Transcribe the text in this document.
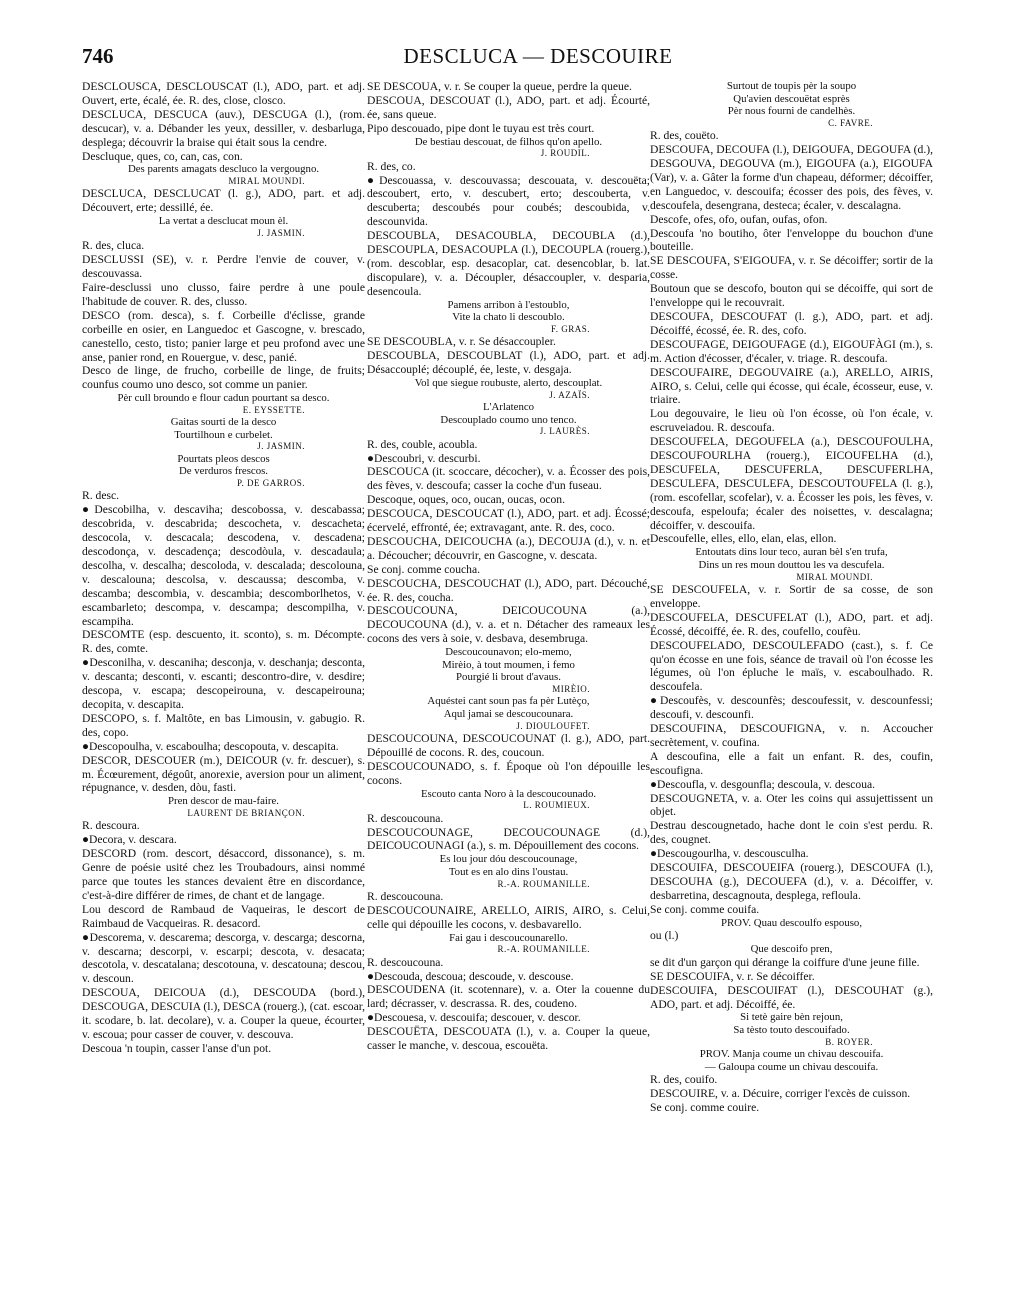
746	DESCLUCA — DESCOUIRE

DESCLOUSCA, DESCLOUSCAT (l.), ADO, part. et adj. Ouvert, erte, écalé, ée. R. des, close, closco.

DESCLUCA, DESCUCA (auv.), DESCUGA (l.), (rom. descucar), v. a. Débander les yeux, dessiller, v. desbarluga, desplega; découvrir la braise qui était sous la cendre.

Descluque, ques, co, can, cas, con.

Des parents amagats descluco la vergougno.

MIRAL MOUNDI.

DESCLUCA, DESCLUCAT (l. g.), ADO, part. et adj. Découvert, erte; dessillé, ée.

La vertat a desclucat moun èl.

J. JASMIN.

R. des, cluca.

DESCLUSSI (SE), v. r. Perdre l'envie de couver, v. descouvassa.

Faire-descl​ussi uno clusso, faire perdre à une poule l'habitude de couver. R. des, clusso.

DESCO (rom. desca), s. f. Corbeille d'éclisse, grande corbeille en osier, en Languedoc et Gascogne, v. brescado, canestello, cesto, tisto; panier large et peu profond avec une anse, panier rond, en Rouergue, v. desc, panié.

Desco de linge, de frucho, corbeille de linge, de fruits; counfus coumo uno desco, sot comme un panier.

Pèr cull broundo e flour cadun pourtant sa desco.

E. EYSSETTE.

Gaitas sourti de la desco

Tourtilhoun e curbelet.

J. JASMIN.

Pourtats pleos descos

De verduros frescos.

P. DE GARROS.

R. desc.

●Descobilha, v. descaviha; descobossa, v. descabassa; descobrida, v. descabrida; descocheta, v. descacheta; descocola, v. descacala; descodena, v. descadena; descodonça, v. descadença; descodòula, v. descadaula; descolha, v. descalha; descoloda, v. descalada; descolouna, v. descalouna; descolsa, v. descaussa; descomba, v. descamba; descombia, v. descambia; descomborlhetos, v. escambarleto; descompa, v. descampa; descompilha, v. escampiha.

DESCOMTE (esp. descuento, it. sconto), s. m. Décompte. R. des, comte.

●Desconilha, v. descaniha; desconja, v. deschanja; desconta, v. descanta; desconti, v. escanti; descontro-dire, v. desdire; descopa, v. escapa; descopeirouna, v. descapeirouna; decopita, v. descapita.

DESCOPO, s. f. Maltôte, en bas Limousin, v. gabugio. R. des, copo.

●Descopoulha, v. escaboulha; descopouta, v. descapita.

DESCOR, DESCOUER (m.), DEICOUR (v. fr. descuer), s. m. Écœurement, dégoût, anorexie, aversion pour un aliment, répugnance, v. desden, dòu, fasti.

Pren descor de mau-faire.

LAURENT DE BRIANÇON.

R. descoura.

●Decora, v. descara.

DESCORD (rom. descort, désaccord, dissonance), s. m. Genre de poésie usité chez les Troubadours, ainsi nommé parce que toutes les stances devaient être en discordance, c'est-à-dire différer de rimes, de chant et de langage.

Lou descord de Rambaud de Vaqueiras, le descort de Raimbaud de Vacqueiras. R. desacord.

●Descorema, v. descarema; descorga, v. descarga; descorna, v. descarna; descorpi, v. escarpi; descota, v. desacata; descotola, v. descatalana; descotouna, v. descatouna; descou, v. descoun.

DESCOUA, DEICOUA (d.), DESCOUDA (bord.), DESCOUGA, DESCUIA (l.), DESCA (rouerg.), (cat. escoar, it. scodare, b. lat. decolare), v. a. Couper la queue, écourter, v. escoua; pour casser de couver, v. descouva.

Descoua 'n toupin, casser l'anse d'un pot.

SE DESCOUA, v. r. Se couper la queue, perdre la queue.

DESCOUA, DESCOUAT (l.), ADO, part. et adj. Écourté, ée, sans queue.

Pipo descouado, pipe dont le tuyau est très court.

De bestiau descouat, de filhos qu'on apello.

J. ROUDIL.

R. des, co.

●Descouassa, v. descouvassa; descouata, v. descouëta; descoubert, erto, v. descubert, erto; descouberta, v. descuberta; descoubés pour coubés; descoubida, v. descounvida.

DESCOUBLA, DESACOUBLA, DECOUBLA (d.), DESCOUPLA, DESACOUPLA (l.), DECOUPLA (rouerg.), (rom. descoblar, esp. desacoplar, cat. desencoblar, b. lat. discopulare), v. a. Découpler, désaccoupler, v. desparia, desencoula.

Pamens arribon à l'estoublo,

Vite la chato li descoublo.

F. GRAS.

SE DESCOUBLA, v. r. Se désaccoupler.

DESCOUBLA, DESCOUBLAT (l.), ADO, part. et adj. Désaccouplé; découplé, ée, leste, v. desgaja.

Vol que siegue roubuste, alerto, descouplat.

J. AZAÏS.

L'Arlatenco

Descouplado coumo uno tenco.

J. LAURÈS.

R. des, couble, acoubla.

●Descoubri, v. descurbi.

DESCOUCA (it. scoccare, décocher), v. a. Écosser des pois, des fèves, v. descoufa; casser la coche d'un fuseau.

Descoque, oques, oco, oucan, oucas, ocon.

DESCOUCA, DESCOUCAT (l.), ADO, part. et adj. Écossé; écervelé, effronté, ée; extravagant, ante. R. des, coco.

DESCOUCHA, DEICOUCHA (a.), DECOUJA (d.), v. n. et a. Découcher; découvrir, en Gascogne, v. descata.

Se conj. comme coucha.

DESCOUCHA, DESCOUCHAT (l.), ADO, part. Découché, ée. R. des, coucha.

DESCOUCOUNA, DEICOUCOUNA (a.), DECOUCOUNA (d.), v. a. et n. Détacher des rameaux les cocons des vers à soie, v. desbava, desembruga.

Descoucounavon; elo-memo,

Mirèio, à tout moumen, i femo

Pourgié li brout d'avaus.

MIRÈIO.

Aquéstei cant soun pas fa pèr Lutèço,

Aqul jamai se descoucounara.

J. DIOULOUFET.

DESCOUCOUNA, DESCOUCOUNAT (l. g.), ADO, part. Dépouillé de cocons. R. des, coucoun.

DESCOUCOUNADO, s. f. Époque où l'on dépouille les cocons.

Escouto canta Noro à la descoucounado.

L. ROUMIEUX.

R. descoucouna.

DESCOUCOUNAGE, DECOUCOUNAGE (d.), DEICOUCOUNAGI (a.), s. m. Dépouillement des cocons.

Es lou jour dóu descoucounage,

Tout es en alo dins l'oustau.

R.-A. ROUMANILLE.

R. descoucouna.

DESCOUCOUNAIRE, ARELLO, AIRIS, AIRO, s. Celui, celle qui dépouille les cocons, v. desbavarello.

Fai gau i descoucounarello.

R.-A. ROUMANILLE.

R. descoucouna.

●Descouda, descoua; descoude, v. descouse.

DESCOUDENA (it. scotennare), v. a. Oter la couenne du lard; décrasser, v. descrassa. R. des, coudeno.

●Descouesa, v. descouifa; descouer, v. descor.

DESCOUËTA, DESCOUATA (l.), v. a. Couper la queue, casser le manche, v. descoua, escouëta.

Surtout de toupis pèr la soupo

Qu'avien descouëtat esprès

Pèr nous fourni de candelhès.

C. FAVRE.

R. des, couëto.

DESCOUFA, DECOUFA (l.), DEIGOUFA, DEGOUFA (d.), DESGOUVA, DEGOUVA (m.), EIGOUFA (a.), EIGOUFA (Var), v. a. Gâter la forme d'un chapeau, déformer; décoiffer, en Languedoc, v. descouifa; écosser des pois, des fèves, v. descoufela, desengrana, desteca; écaler, v. descalagna.

Descofe, ofes, ofo, oufan, oufas, ofon.

Descoufa 'no boutiho, ôter l'enveloppe du bouchon d'une bouteille.

SE DESCOUFA, S'EIGOUFA, v. r. Se décoiffer; sortir de la cosse.

Boutoun que se descofo, bouton qui se décoiffe, qui sort de l'enveloppe qui le recouvrait.

DESCOUFA, DESCOUFAT (l. g.), ADO, part. et adj. Décoiffé, écossé, ée. R. des, cofo.

DESCOUFAGE, DEIGOUFAGE (d.), EIGOUFÀGI (m.), s. m. Action d'écosser, d'écaler, v. triage. R. descoufa.

DESCOUFAIRE, DEGOUVAIRE (a.), ARELLO, AIRIS, AIRO, s. Celui, celle qui écosse, qui écale, écosseur, euse, v. triaire.

Lou degouvaire, le lieu où l'on écosse, où l'on écale, v. escruveiadou. R. descoufa.

DESCOUFELA, DEGOUFELA (a.), DESCOUFOULHA, DESCOUFOURLHA (rouerg.), EICOUFELHA (d.), DESCUFELA, DESCUFERLA, DESCUFERLHA, DESCULEFA, DESCULEFA, DESCOUTOUFELA (l. g.), (rom. escofellar, scofelar), v. a. Écosser les pois, les fèves, v. descoufa, espeloufa; écaler des noisettes, v. descalagna; décoiffer, v. descouifa.

Descoufelle, elles, ello, elan, elas, ellon.

Entoutats dins lour teco, auran bèl s'en trufa,

Dins un res moun douttou les va descufela.

MIRAL MOUNDI.

SE DESCOUFELA, v. r. Sortir de sa cosse, de son enveloppe.

DESCOUFELA, DESCUFELAT (l.), ADO, part. et adj. Écossé, décoiffé, ée. R. des, coufello, coufèu.

DESCOUFELADO, DESCOULEFADO (cast.), s. f. Ce qu'on écosse en une fois, séance de travail où l'on écosse les légumes, où l'on épluche le maïs, v. escaboulhado. R. descoufela.

●Descoufès, v. descounfès; descoufessit, v. descounfessi; descoufi, v. descounfi.

DESCOUFINA, DESCOUFIGNA, v. n. Accoucher secrètement, v. coufina.

A descoufina, elle a fait un enfant. R. des, coufin, escoufigna.

●Descoufla, v. desgounfla; descoula, v. descoua.

DESCOUGNETA, v. a. Oter les coins qui assujettissent un objet.

Destrau descougnetado, hache dont le coin s'est perdu. R. des, cougnet.

●Descougourlha, v. descousculha.

DESCOUIFA, DESCOUEIFA (rouerg.), DESCOUFA (l.), DESCOUHA (g.), DECOUEFA (d.), v. a. Décoiffer, v. desbarretina, descagnouta, desplega, refloula.

Se conj. comme couifa.

PROV. Quau descoulfo espouso,

ou (l.)

Que descoifo pren,

se dit d'un garçon qui dérange la coiffure d'une jeune fille.

SE DESCOUIFA, v. r. Se décoiffer.

DESCOUIFA, DESCOUIFAT (l.), DESCOUHAT (g.), ADO, part. et adj. Décoiffé, ée.

Si tetè gaire bèn rejoun,

Sa tèsto touto descouifado.

B. ROYER.

PROV. Manja coume un chivau descouifa.

— Galoupa coume un chivau descouifa.

R. des, couifo.

DESCOUIRE, v. a. Décuire, corriger l'excès de cuisson.

Se conj. comme couire.
